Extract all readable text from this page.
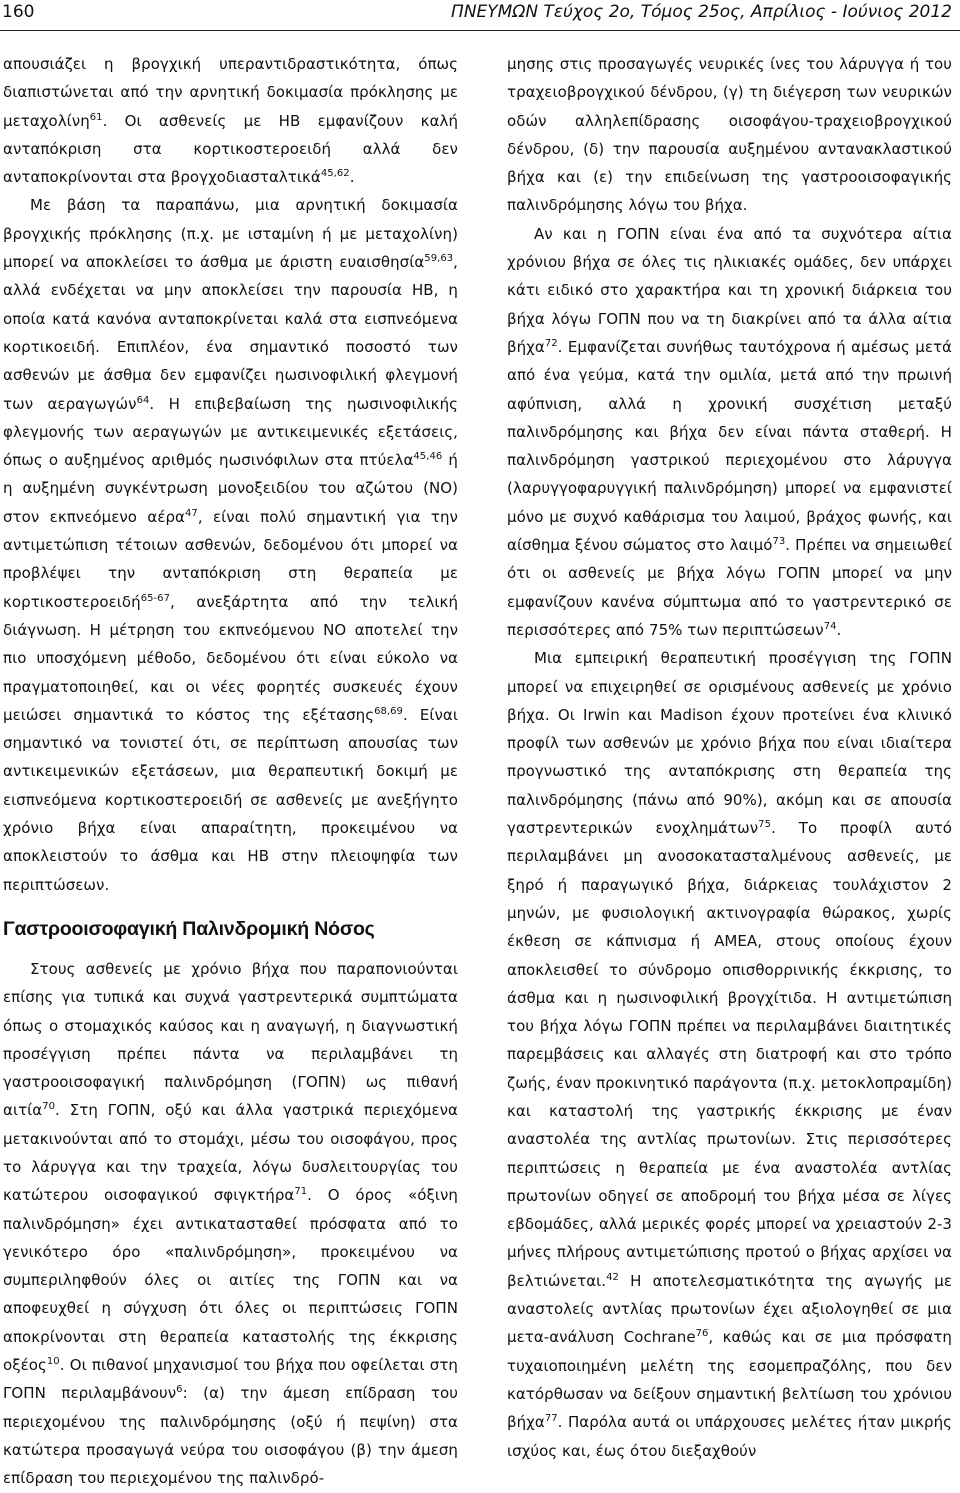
160	ΠΝΕΥΜΩΝ Τεύχος 2ο, Τόμος 25ος, Απρίλιος - Ιούνιος 2012

απουσιάζει η βρογχική υπεραντιδραστικότητα, όπως διαπιστώνεται από την αρνητική δοκιμασία πρόκλησης με μεταχολίνη$^{61}$. Οι ασθενείς με ΗΒ εμφανίζουν καλή ανταπόκριση στα κορτικοστεροειδή αλλά δεν ανταποκρίνονται στα βρογχοδιασταλτικά$^{45,62}$.

Με βάση τα παραπάνω, μια αρνητική δοκιμασία βρογχικής πρόκλησης (π.χ. με ισταμίνη ή με μεταχολίνη) μπορεί να αποκλείσει το άσθμα με άριστη ευαισθησία$^{59,63}$, αλλά ενδέχεται να μην αποκλείσει την παρουσία ΗΒ, η οποία κατά κανόνα ανταποκρίνεται καλά στα εισπνεόμενα κορτικοειδή. Επιπλέον, ένα σημαντικό ποσοστό των ασθενών με άσθμα δεν εμφανίζει ηωσινοφιλική φλεγμονή των αεραγωγών$^{64}$. Η επιβεβαίωση της ηωσινοφιλικής φλεγμονής των αεραγωγών με αντικειμενικές εξετάσεις, όπως ο αυξημένος αριθμός ηωσινόφιλων στα πτύελα$^{45,46}$ ή η αυξημένη συγκέντρωση μονοξειδίου του αζώτου (ΝΟ) στον εκπνεόμενο αέρα$^{47}$, είναι πολύ σημαντική για την αντιμετώπιση τέτοιων ασθενών, δεδομένου ότι μπορεί να προβλέψει την ανταπόκριση στη θεραπεία με κορτικοστεροειδή$^{65-67}$, ανεξάρτητα από την τελική διάγνωση. Η μέτρηση του εκπνεόμενου ΝΟ αποτελεί την πιο υποσχόμενη μέθοδο, δεδομένου ότι είναι εύκολο να πραγματοποιηθεί, και οι νέες φορητές συσκευές έχουν μειώσει σημαντικά το κόστος της εξέτασης$^{68,69}$. Είναι σημαντικό να τονιστεί ότι, σε περίπτωση απουσίας των αντικειμενικών εξετάσεων, μια θεραπευτική δοκιμή με εισπνεόμενα κορτικοστεροειδή σε ασθενείς με ανεξήγητο χρόνιο βήχα είναι απαραίτητη, προκειμένου να αποκλειστούν το άσθμα και ΗΒ στην πλειοψηφία των περιπτώσεων.

Γαστροοισοφαγική Παλινδρομική Νόσος

Στους ασθενείς με χρόνιο βήχα που παραπονιούνται επίσης για τυπικά και συχνά γαστρεντερικά συμπτώματα όπως ο στομαχικός καύσος και η αναγωγή, η διαγνωστική προσέγγιση πρέπει πάντα να περιλαμβάνει τη γαστροοισοφαγική παλινδρόμηση (ΓΟΠΝ) ως πιθανή αιτία$^{70}$. Στη ΓΟΠΝ, οξύ και άλλα γαστρικά περιεχόμενα μετακινούνται από το στομάχι, μέσω του οισοφάγου, προς το λάρυγγα και την τραχεία, λόγω δυσλειτουργίας του κατώτερου οισοφαγικού σφιγκτήρα$^{71}$. Ο όρος «όξινη παλινδρόμηση» έχει αντικατασταθεί πρόσφατα από το γενικότερο όρο «παλινδρόμηση», προκειμένου να συμπεριληφθούν όλες οι αιτίες της ΓΟΠΝ και να αποφευχθεί η σύγχυση ότι όλες οι περιπτώσεις ΓΟΠΝ αποκρίνονται στη θεραπεία καταστολής της έκκρισης οξέος$^{10}$. Οι πιθανοί μηχανισμοί του βήχα που οφείλεται στη ΓΟΠΝ περιλαμβάνουν$^6$: (α) την άμεση επίδραση του περιεχομένου της παλινδρόμησης (οξύ ή πεψίνη) στα κατώτερα προσαγωγά νεύρα του οισοφάγου (β) την άμεση επίδραση του περιεχομένου της παλινδρό-

μησης στις προσαγωγές νευρικές ίνες του λάρυγγα ή του τραχειοβρογχικού δένδρου, (γ) τη διέγερση των νευρικών οδών αλληλεπίδρασης οισοφάγου-τραχειοβρογχικού δένδρου, (δ) την παρουσία αυξημένου αντανακλαστικού βήχα και (ε) την επιδείνωση της γαστροοισοφαγικής παλινδρόμησης λόγω του βήχα.

Αν και η ΓΟΠΝ είναι ένα από τα συχνότερα αίτια χρόνιου βήχα σε όλες τις ηλικιακές ομάδες, δεν υπάρχει κάτι ειδικό στο χαρακτήρα και τη χρονική διάρκεια του βήχα λόγω ΓΟΠΝ που να τη διακρίνει από τα άλλα αίτια βήχα$^{72}$. Εμφανίζεται συνήθως ταυτόχρονα ή αμέσως μετά από ένα γεύμα, κατά την ομιλία, μετά από την πρωινή αφύπνιση, αλλά η χρονική συσχέτιση μεταξύ παλινδρόμησης και βήχα δεν είναι πάντα σταθερή. Η παλινδρόμηση γαστρικού περιεχομένου στο λάρυγγα (λαρυγγοφαρυγγική παλινδρόμηση) μπορεί να εμφανιστεί μόνο με συχνό καθάρισμα του λαιμού, βράχος φωνής, και αίσθημα ξένου σώματος στο λαιμό$^{73}$. Πρέπει να σημειωθεί ότι οι ασθενείς με βήχα λόγω ΓΟΠΝ μπορεί να μην εμφανίζουν κανένα σύμπτωμα από το γαστρεντερικό σε περισσότερες από 75% των περιπτώσεων$^{74}$.

Μια εμπειρική θεραπευτική προσέγγιση της ΓΟΠΝ μπορεί να επιχειρηθεί σε ορισμένους ασθενείς με χρόνιο βήχα. Οι Irwin και Madison έχουν προτείνει ένα κλινικό προφίλ των ασθενών με χρόνιο βήχα που είναι ιδιαίτερα προγνωστικό της ανταπόκρισης στη θεραπεία της παλινδρόμησης (πάνω από 90%), ακόμη και σε απουσία γαστρεντερικών ενοχλημάτων$^{75}$. Το προφίλ αυτό περιλαμβάνει μη ανοσοκατασταλμένους ασθενείς, με ξηρό ή παραγωγικό βήχα, διάρκειας τουλάχιστον 2 μηνών, με φυσιολογική ακτινογραφία θώρακος, χωρίς έκθεση σε κάπνισμα ή ΑΜΕΑ, στους οποίους έχουν αποκλεισθεί το σύνδρομο οπισθορρινικής έκκρισης, το άσθμα και η ηωσινοφιλική βρογχίτιδα. Η αντιμετώπιση του βήχα λόγω ΓΟΠΝ πρέπει να περιλαμβάνει διαιτητικές παρεμβάσεις και αλλαγές στη διατροφή και στο τρόπο ζωής, έναν προκινητικό παράγοντα (π.χ. μετοκλοπραμίδη) και καταστολή της γαστρικής έκκρισης με έναν αναστολέα της αντλίας πρωτονίων. Στις περισσότερες περιπτώσεις η θεραπεία με ένα αναστολέα αντλίας πρωτονίων οδηγεί σε αποδρομή του βήχα μέσα σε λίγες εβδομάδες, αλλά μερικές φορές μπορεί να χρειαστούν 2-3 μήνες πλήρους αντιμετώπισης προτού ο βήχας αρχίσει να βελτιώνεται.$^{42}$ Η αποτελεσματικότητα της αγωγής με αναστολείς αντλίας πρωτονίων έχει αξιολογηθεί σε μια μετα-ανάλυση Cochrane$^{76}$, καθώς και σε μια πρόσφατη τυχαιοποιημένη μελέτη της εσομεπραζόλης, που δεν κατόρθωσαν να δείξουν σημαντική βελτίωση του χρόνιου βήχα$^{77}$. Παρόλα αυτά οι υπάρχουσες μελέτες ήταν μικρής ισχύος και, έως ότου διεξαχθούν
